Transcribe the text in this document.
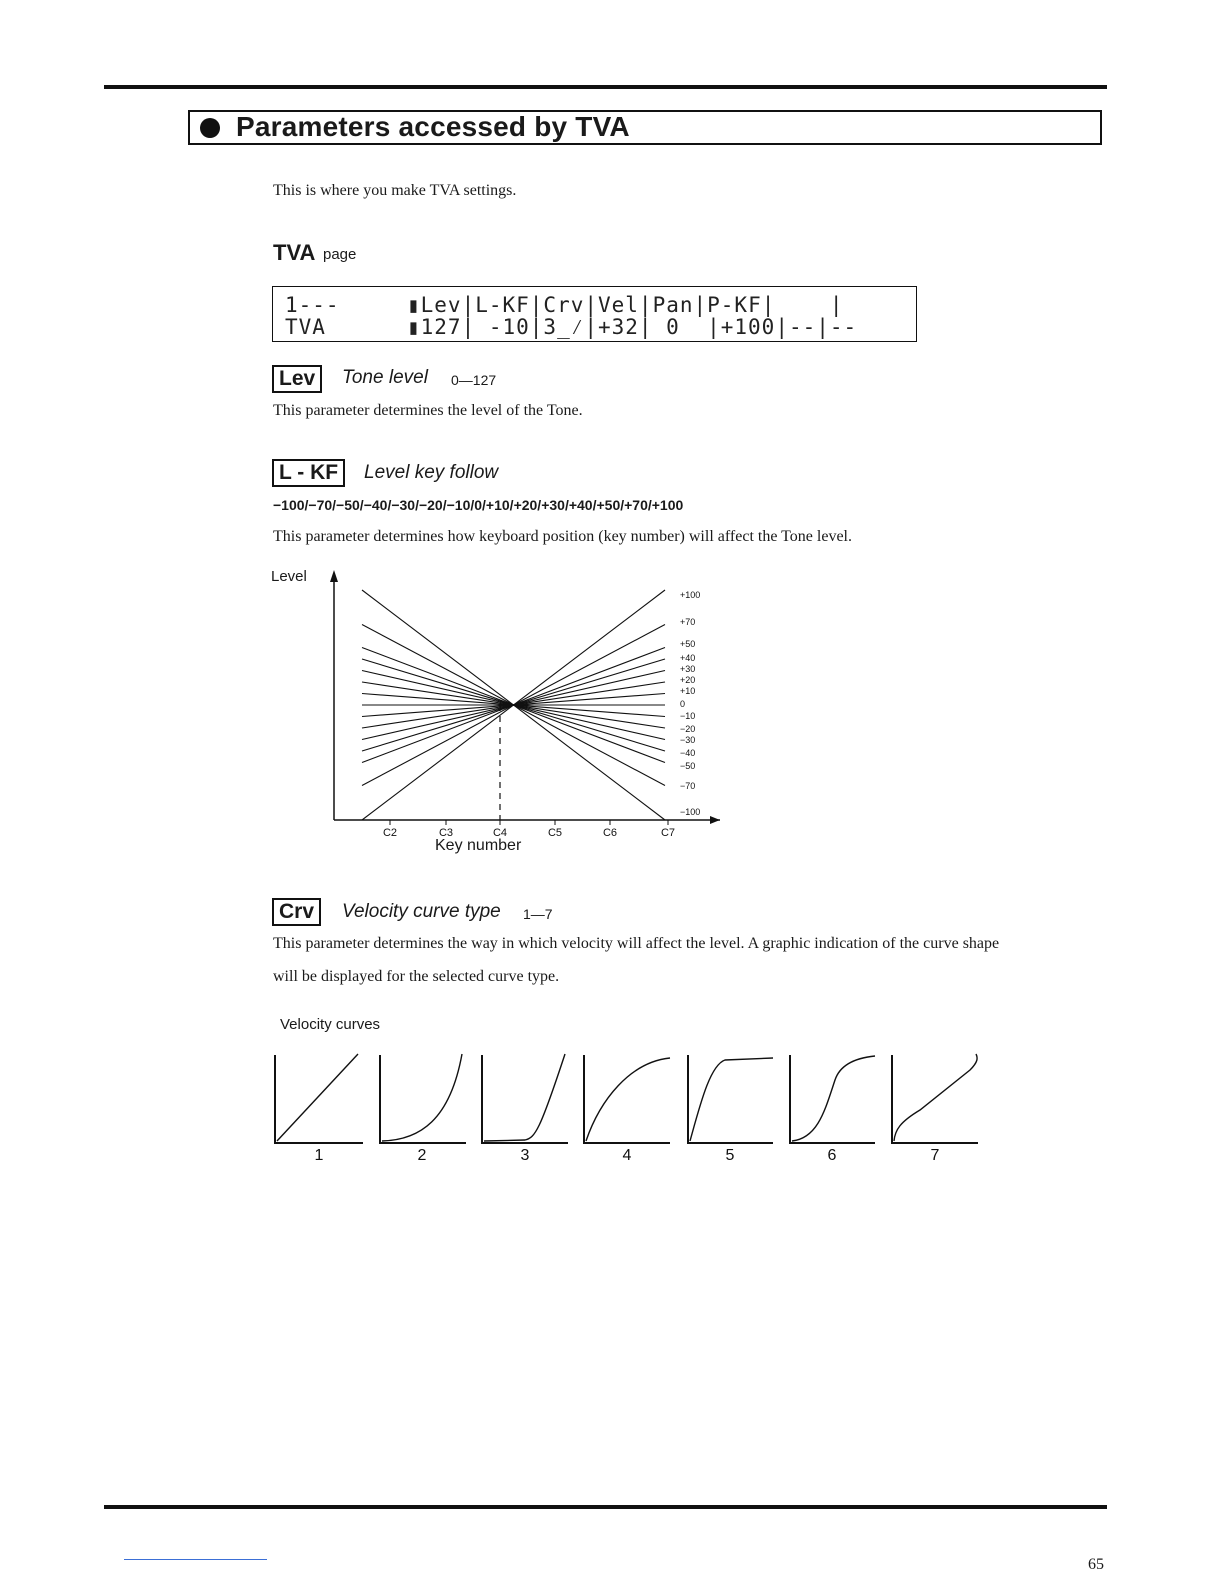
Parameters accessed by TVA
This is where you make TVA settings.
TVA page
1---	▮Lev|L-KF|Crv|Vel|Pan|P-KF|    |
TVA	▮127| -10|3_⁄|+32| 0  |+100|--|--
Lev	Tone level 0—127
This parameter determines the level of the Tone.
L - KF	Level key follow
−100/−70/−50/−40/−30/−20/−10/0/+10/+20/+30/+40/+50/+70/+100
This parameter determines how keyboard position (key number) will affect the Tone level.
Level
+100
+70
+50
+40
+30
+20
+10
0
−10
−20
−30
−40
−50
−70
−100
C2	C3	C4	C5	C6	C7
Key number
Crv	Velocity curve type 1—7
This parameter determines the way in which velocity will affect the level. A graphic indication of the curve shape
will be displayed for the selected curve type.
Velocity curves
1	2	3	4	5	6	7
65
